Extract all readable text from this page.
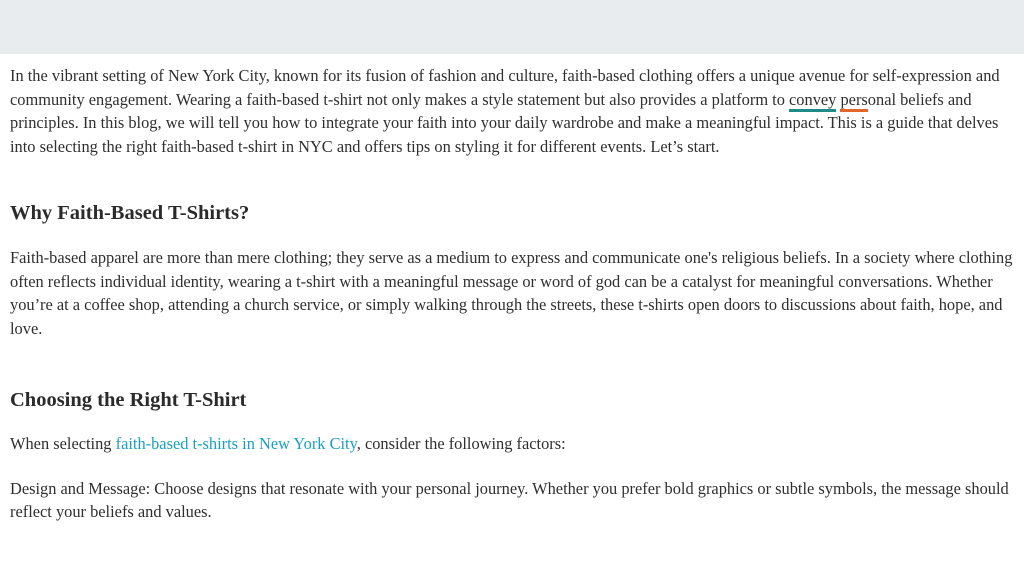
In the vibrant setting of New York City, known for its fusion of fashion and culture, faith-based clothing offers a unique avenue for self-expression and community engagement. Wearing a faith-based t-shirt not only makes a style statement but also provides a platform to convey personal beliefs and principles. In this blog, we will tell you how to integrate your faith into your daily wardrobe and make a meaningful impact. This is a guide that delves into selecting the right faith-based t-shirt in NYC and offers tips on styling it for different events. Let’s start.

Why Faith-Based T-Shirts?

Faith-based apparel are more than mere clothing; they serve as a medium to express and communicate one's religious beliefs. In a society where clothing often reflects individual identity, wearing a t-shirt with a meaningful message or word of god can be a catalyst for meaningful conversations. Whether you’re at a coffee shop, attending a church service, or simply walking through the streets, these t-shirts open doors to discussions about faith, hope, and love.

Choosing the Right T-Shirt

When selecting faith-based t-shirts in New York City, consider the following factors:

Design and Message: Choose designs that resonate with your personal journey. Whether you prefer bold graphics or subtle symbols, the message should reflect your beliefs and values.
